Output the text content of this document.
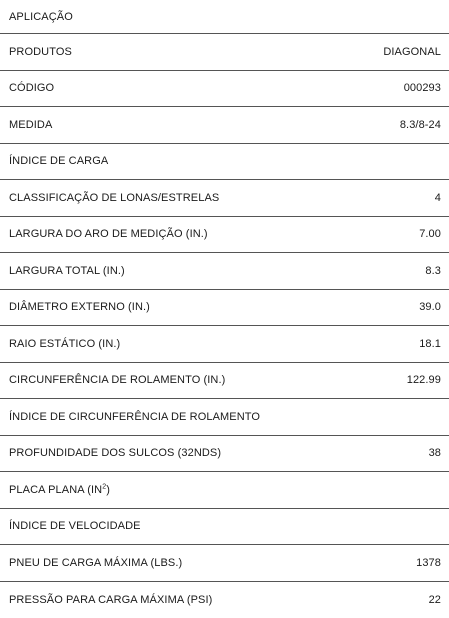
APLICAÇÃO
PRODUTOS	DIAGONAL
CÓDIGO	000293
MEDIDA	8.3/8-24
ÍNDICE DE CARGA
CLASSIFICAÇÃO DE LONAS/ESTRELAS	4
LARGURA DO ARO DE MEDIÇÃO (IN.)	7.00
LARGURA TOTAL (IN.)	8.3
DIÂMETRO EXTERNO (IN.)	39.0
RAIO ESTÁTICO (IN.)	18.1
CIRCUNFERÊNCIA DE ROLAMENTO (IN.)	122.99
ÍNDICE DE CIRCUNFERÊNCIA DE ROLAMENTO
PROFUNDIDADE DOS SULCOS (32NDS)	38
PLACA PLANA $(IN^2)$
ÍNDICE DE VELOCIDADE
PNEU DE CARGA MÁXIMA (LBS.)	1378
PRESSÃO PARA CARGA MÁXIMA (PSI)	22
